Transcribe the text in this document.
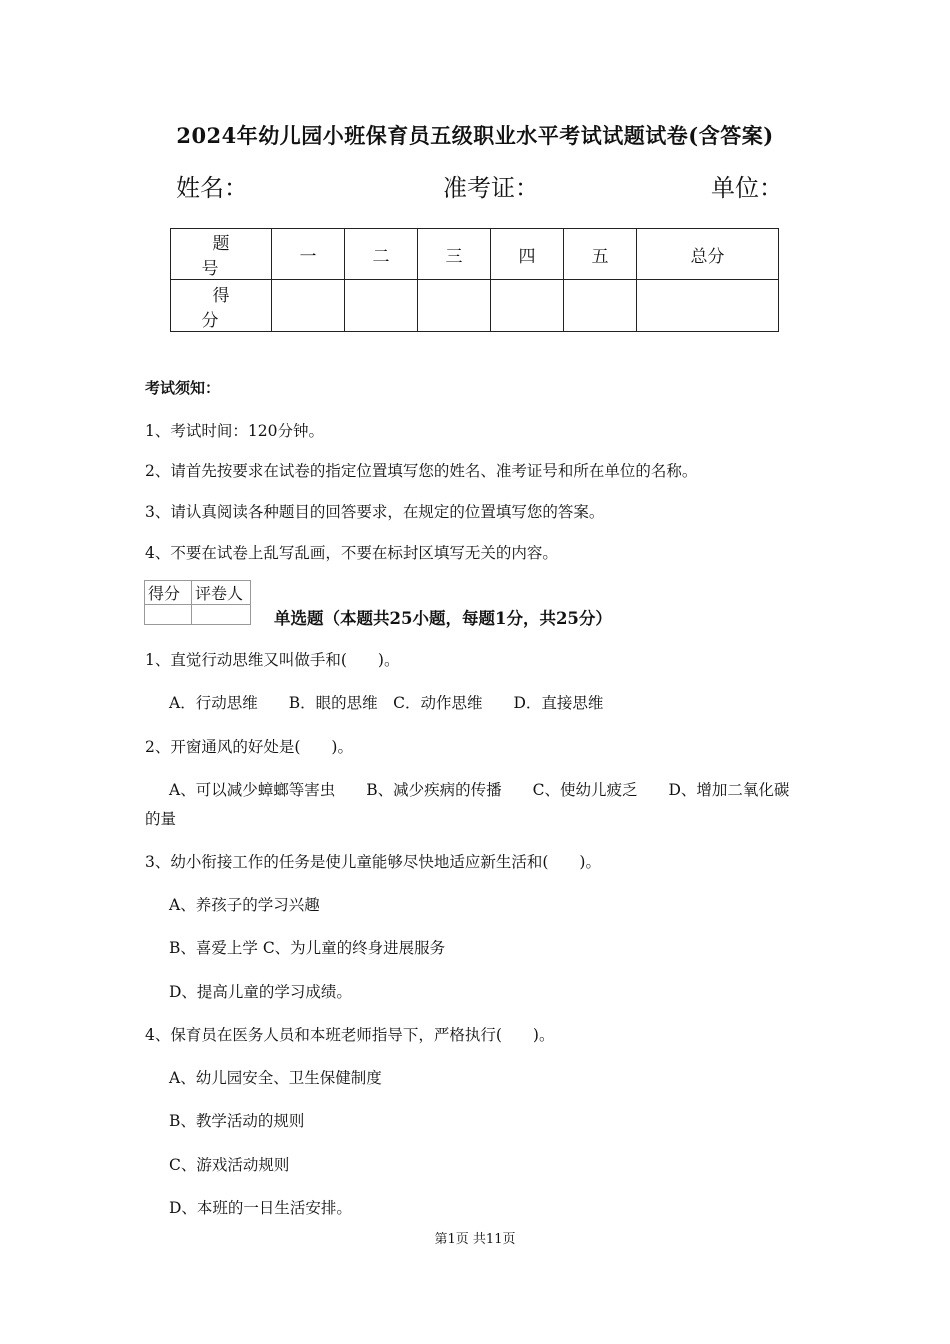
2024年幼儿园小班保育员五级职业水平考试试题试卷(含答案)
姓名：	准考证：	单位：
题　号	一	二	三	四	五	总分
得　分						
考试须知：
1、考试时间：120分钟。
2、请首先按要求在试卷的指定位置填写您的姓名、准考证号和所在单位的名称。
3、请认真阅读各种题目的回答要求，在规定的位置填写您的答案。
4、不要在试卷上乱写乱画，不要在标封区填写无关的内容。
得分	评卷人

单选题（本题共25小题，每题1分，共25分）
1、直觉行动思维又叫做手和(　　)。
A．行动思维　　B．眼的思维　C．动作思维　　D．直接思维
2、开窗通风的好处是(　　)。
A、可以减少蟑螂等害虫　　B、减少疾病的传播　　C、使幼儿疲乏　　D、增加二氧化碳
的量
3、幼小衔接工作的任务是使儿童能够尽快地适应新生活和(　　)。
A、养孩子的学习兴趣
B、喜爱上学 C、为儿童的终身进展服务
D、提高儿童的学习成绩。
4、保育员在医务人员和本班老师指导下，严格执行(　　)。
A、幼儿园安全、卫生保健制度
B、教学活动的规则
C、游戏活动规则
D、本班的一日生活安排。
第1页 共11页
